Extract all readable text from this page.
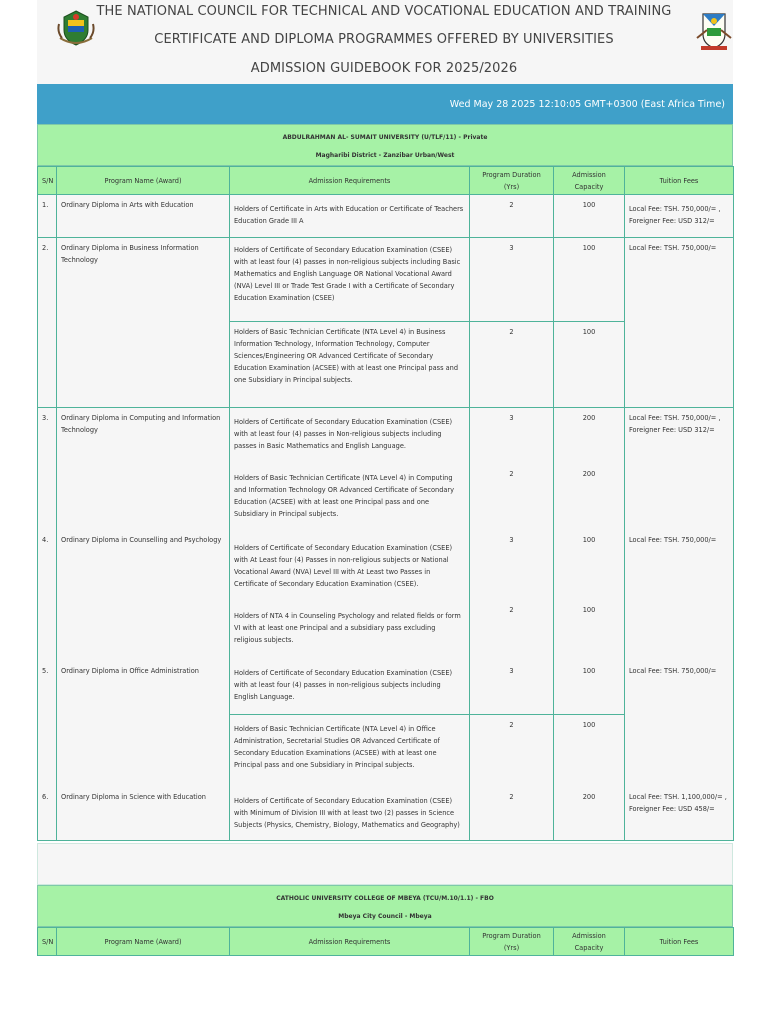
THE NATIONAL COUNCIL FOR TECHNICAL AND VOCATIONAL EDUCATION AND TRAINING
CERTIFICATE AND DIPLOMA PROGRAMMES OFFERED BY UNIVERSITIES
ADMISSION GUIDEBOOK FOR 2025/2026
Wed May 28 2025 12:10:05 GMT+0300 (East Africa Time)
ABDULRAHMAN AL- SUMAIT UNIVERSITY (U/TLF/11) - Private
Magharibi District - Zanzibar Urban/West
S/N	Program Name (Award)	Admission Requirements	Program Duration (Yrs)	Admission Capacity	Tuition Fees
1.	Ordinary Diploma in Arts with Education	Holders of Certificate in Arts with Education or Certificate of Teachers Education Grade III A	2	100	Local Fee: TSH. 750,000/= ,
Foreigner Fee: USD 312/=

2.	Ordinary Diploma in Business Information Technology	Holders of Certificate of Secondary Education Examination (CSEE) with at least four (4) passes in non-religious subjects including Basic Mathematics and English Language OR National Vocational Award (NVA) Level III or Trade Test Grade I with a Certificate of Secondary Education Examination (CSEE)	3	100	Local Fee: TSH. 750,000/=

		Holders of Basic Technician Certificate (NTA Level 4) in Business Information Technology, Information Technology, Computer Sciences/Engineering OR Advanced Certificate of Secondary Education Examination (ACSEE) with at least one Principal pass and one Subsidiary in Principal subjects.	2	100	
3.	Ordinary Diploma in Computing and Information Technology	Holders of Certificate of Secondary Education Examination (CSEE) with at least four (4) passes in Non-religious subjects including passes in Basic Mathematics and English Language.	3	200	Local Fee: TSH. 750,000/= ,
Foreigner Fee: USD 312/=

		Holders of Basic Technician Certificate (NTA Level 4) in Computing and Information Technology OR Advanced Certificate of Secondary Education (ACSEE) with at least one Principal pass and one Subsidiary in Principal subjects.	2	200	
4.	Ordinary Diploma in Counselling and Psychology	Holders of Certificate of Secondary Education Examination (CSEE) with At Least four (4) Passes in non-religious subjects or National Vocational Award (NVA) Level III with At Least two Passes in Certificate of Secondary Education Examination (CSEE).	3	100	Local Fee: TSH. 750,000/=

		Holders of NTA 4 in Counseling Psychology and related fields or form VI with at least one Principal and a subsidiary pass excluding religious subjects.	2	100	
5.	Ordinary Diploma in Office Administration	Holders of Certificate of Secondary Education Examination (CSEE) with at least four (4) passes in non-religious subjects including English Language.	3	100	Local Fee: TSH. 750,000/=

		Holders of Basic Technician Certificate (NTA Level 4) in Office Administration, Secretarial Studies OR Advanced Certificate of Secondary Education Examinations (ACSEE) with at least one Principal pass and one Subsidiary in Principal subjects.	2	100	
6.	Ordinary Diploma in Science with Education	Holders of Certificate of Secondary Education Examination (CSEE) with Minimum of Division III with at least two (2) passes in Science Subjects (Physics, Chemistry, Biology, Mathematics and Geography)	2	200	Local Fee: TSH. 1,100,000/= ,
Foreigner Fee: USD 458/=
CATHOLIC UNIVERSITY COLLEGE OF MBEYA (TCU/M.10/1.1) - FBO
Mbeya City Council - Mbeya
S/N	Program Name (Award)	Admission Requirements	Program Duration (Yrs)	Admission Capacity	Tuition Fees
